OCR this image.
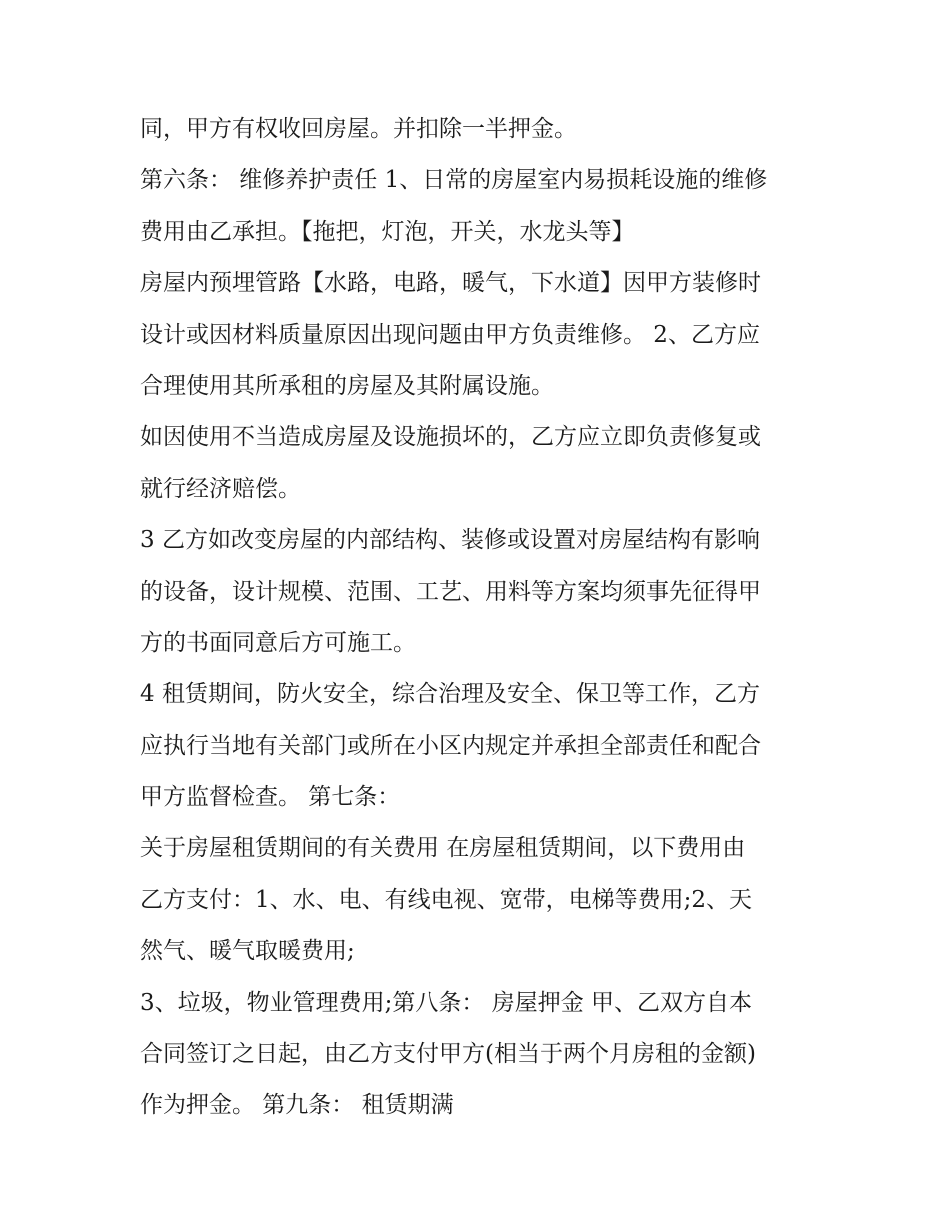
同，甲方有权收回房屋。并扣除一半押金。
第六条： 维修养护责任 1、日常的房屋室内易损耗设施的维修
费用由乙承担。【拖把，灯泡，开关，水龙头等】
房屋内预埋管路【水路，电路，暖气，下水道】因甲方装修时
设计或因材料质量原因出现问题由甲方负责维修。 2、乙方应
合理使用其所承租的房屋及其附属设施。
如因使用不当造成房屋及设施损坏的，乙方应立即负责修复或
就行经济赔偿。
3 乙方如改变房屋的内部结构、装修或设置对房屋结构有影响
的设备，设计规模、范围、工艺、用料等方案均须事先征得甲
方的书面同意后方可施工。
4 租赁期间，防火安全，综合治理及安全、保卫等工作，乙方
应执行当地有关部门或所在小区内规定并承担全部责任和配合
甲方监督检查。 第七条：
关于房屋租赁期间的有关费用 在房屋租赁期间，以下费用由
乙方支付：1、水、电、有线电视、宽带，电梯等费用;2、天
然气、暖气取暖费用;
3、垃圾，物业管理费用;第八条： 房屋押金 甲、乙双方自本
合同签订之日起，由乙方支付甲方(相当于两个月房租的金额)
作为押金。 第九条： 租赁期满
